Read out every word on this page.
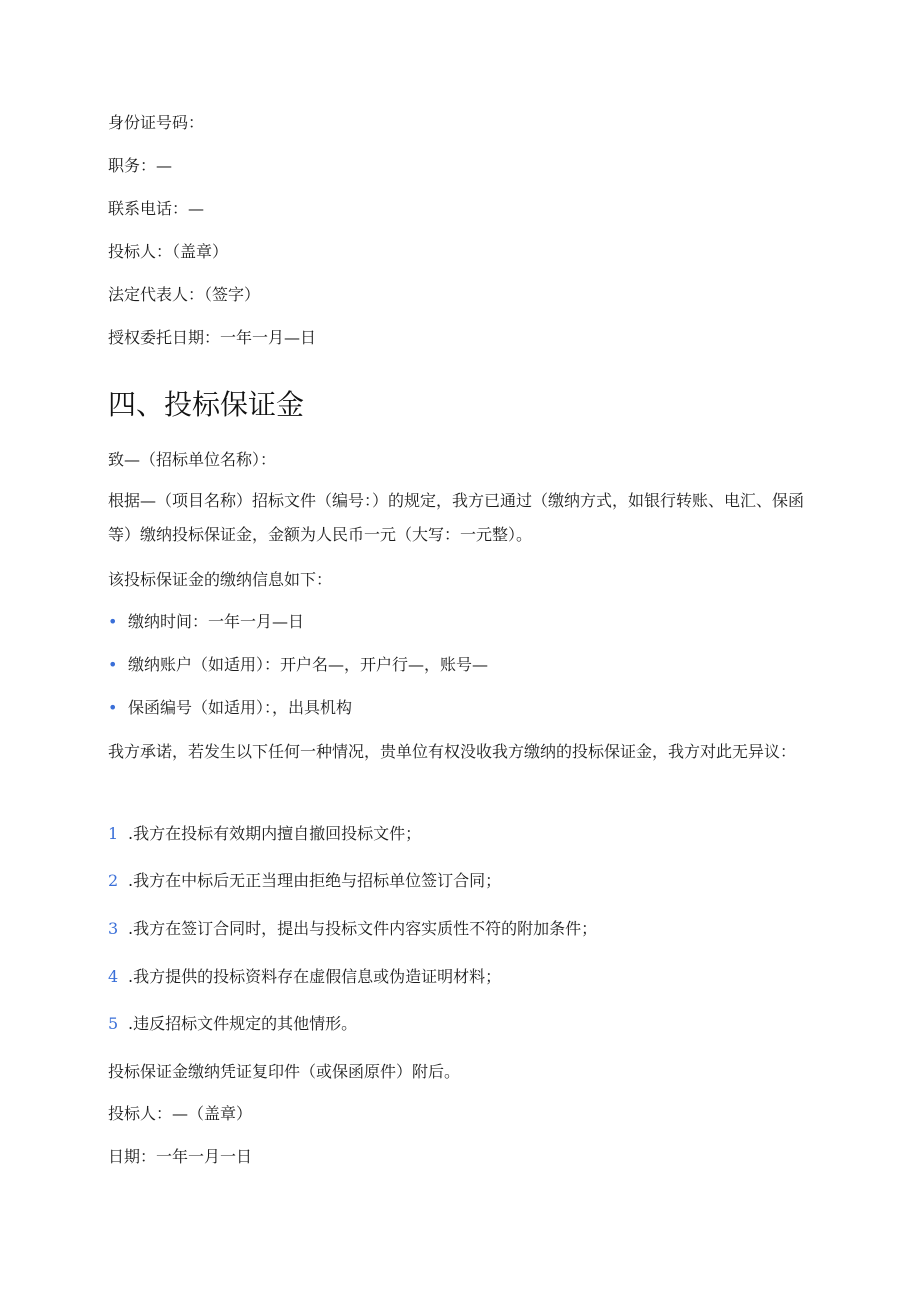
身份证号码：
职务：—
联系电话：—
投标人：（盖章）
法定代表人：（签字）
授权委托日期：一年一月—日
四、投标保证金
致—（招标单位名称）：
根据—（项目名称）招标文件（编号：）的规定，我方已通过（缴纳方式，如银行转账、电汇、保函等）缴纳投标保证金，金额为人民币一元（大写：一元整）。
该投标保证金的缴纳信息如下：
• 缴纳时间：一年一月—日
• 缴纳账户（如适用）：开户名—，开户行—，账号—
• 保函编号（如适用）：，出具机构
我方承诺，若发生以下任何一种情况，贵单位有权没收我方缴纳的投标保证金，我方对此无异议：
1 .我方在投标有效期内擅自撤回投标文件；
2 .我方在中标后无正当理由拒绝与招标单位签订合同；
3 .我方在签订合同时，提出与投标文件内容实质性不符的附加条件；
4 .我方提供的投标资料存在虚假信息或伪造证明材料；
5 .违反招标文件规定的其他情形。
投标保证金缴纳凭证复印件（或保函原件）附后。
投标人：—（盖章）
日期：一年一月一日
